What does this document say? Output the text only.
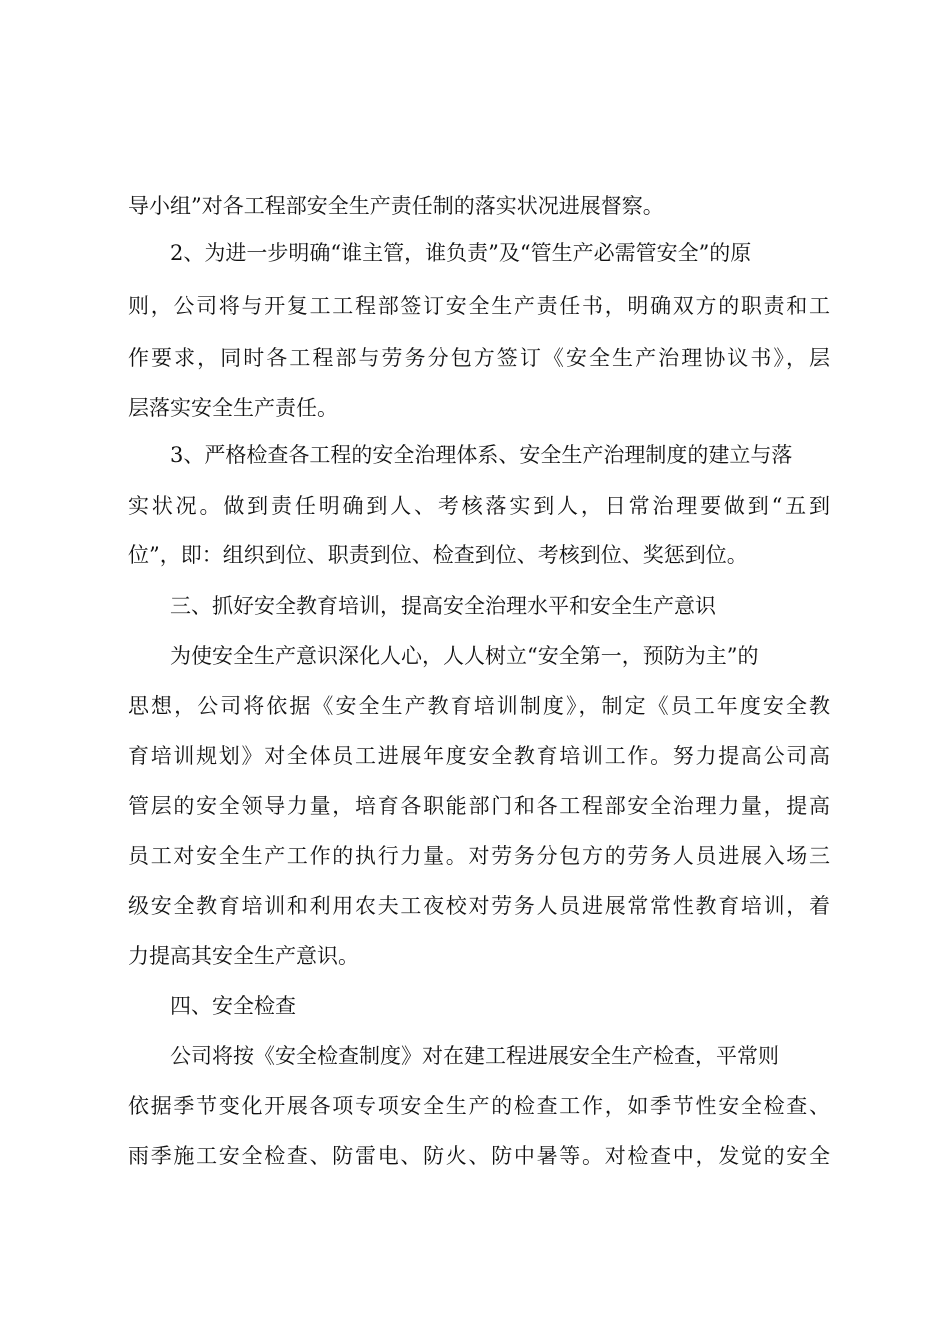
导小组”对各工程部安全生产责任制的落实状况进展督察。
2、为进一步明确“谁主管，谁负责”及“管生产必需管安全”的原
则，公司将与开复工工程部签订安全生产责任书，明确双方的职责和工
作要求，同时各工程部与劳务分包方签订《安全生产治理协议书》，层
层落实安全生产责任。
3、严格检查各工程的安全治理体系、安全生产治理制度的建立与落
实状况。做到责任明确到人、考核落实到人，日常治理要做到“五到
位”，即：组织到位、职责到位、检查到位、考核到位、奖惩到位。
三、抓好安全教育培训，提高安全治理水平和安全生产意识
为使安全生产意识深化人心，人人树立“安全第一，预防为主”的
思想，公司将依据《安全生产教育培训制度》，制定《员工年度安全教
育培训规划》对全体员工进展年度安全教育培训工作。努力提高公司高
管层的安全领导力量，培育各职能部门和各工程部安全治理力量，提高
员工对安全生产工作的执行力量。对劳务分包方的劳务人员进展入场三
级安全教育培训和利用农夫工夜校对劳务人员进展常常性教育培训，着
力提高其安全生产意识。
四、安全检查
公司将按《安全检查制度》对在建工程进展安全生产检查，平常则
依据季节变化开展各项专项安全生产的检查工作，如季节性安全检查、
雨季施工安全检查、防雷电、防火、防中暑等。对检查中，发觉的安全
